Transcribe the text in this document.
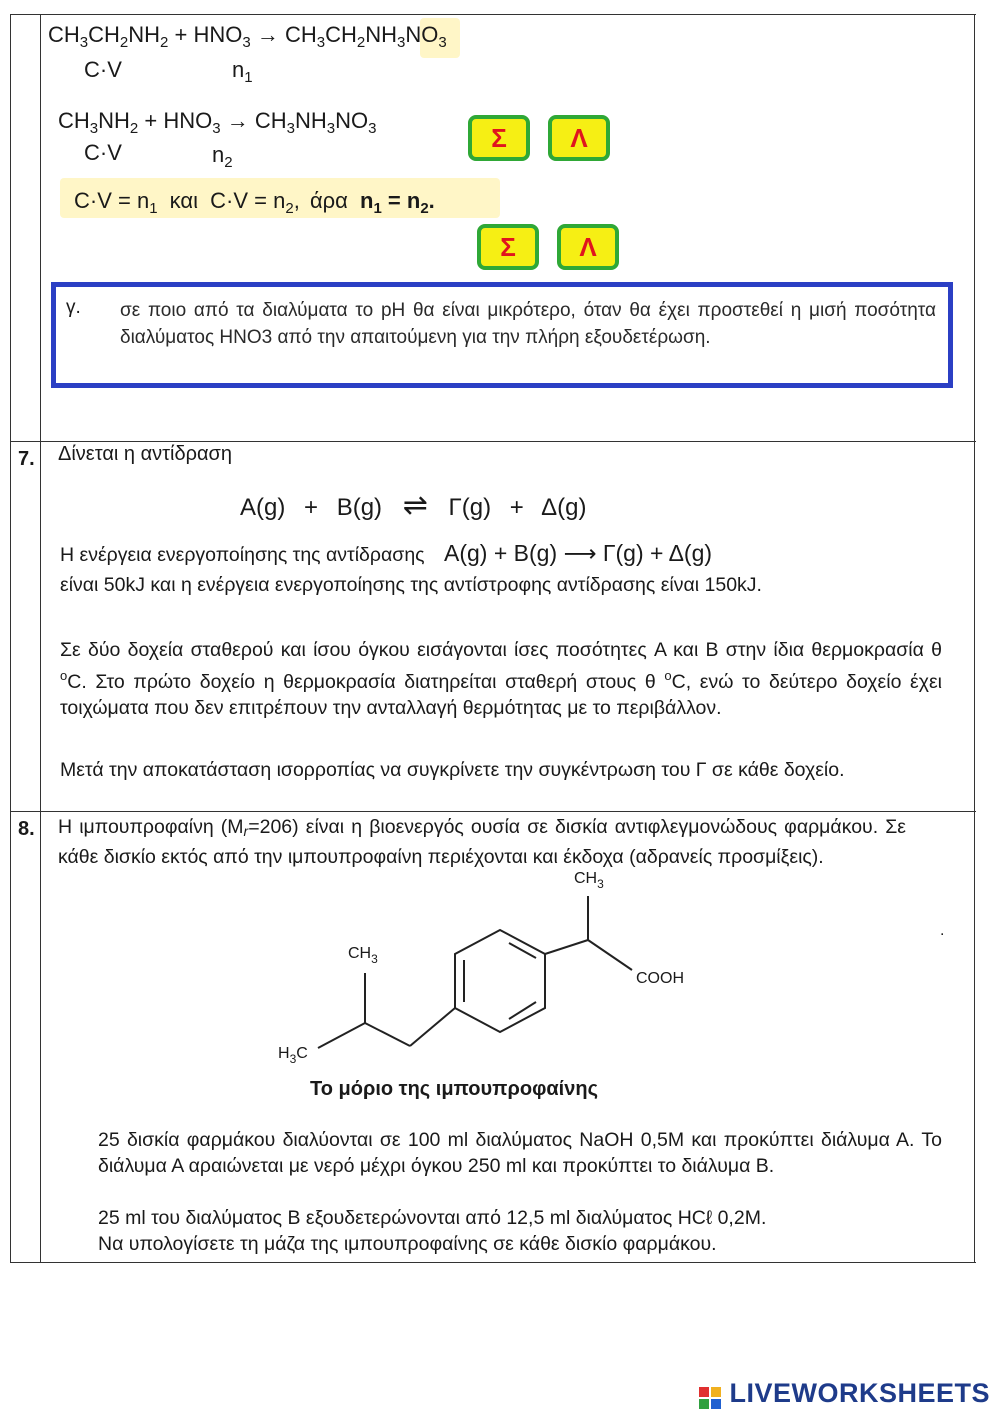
$CH_3CH_2NH_2 + HNO_3 \to CH_3CH_2NH_3NO_3$
C·V	$n_1$
$CH_3NH_2 + HNO_3 \to CH_3NH_3NO_3$
C·V	$n_2$
Σ	Λ
$C\cdot V = n_1$ και $C\cdot V = n_2$, άρα $n_1 = n_2$.
Σ	Λ
γ. σε ποιο από τα διαλύματα το pH θα είναι μικρότερο, όταν θα έχει προστεθεί η μισή ποσότητα διαλύματος HNO3 από την απαιτούμενη για την πλήρη εξουδετέρωση.
7. Δίνεται η αντίδραση
A(g) + B(g) ⇌ Γ(g) + Δ(g)
Η ενέργεια ενεργοποίησης της αντίδρασης A(g) + B(g) ⟶ Γ(g) + Δ(g)
είναι 50kJ και η ενέργεια ενεργοποίησης της αντίστροφης αντίδρασης είναι 150kJ.
Σε δύο δοχεία σταθερού και ίσου όγκου εισάγονται ίσες ποσότητες A και B στην ίδια θερμοκρασία θ $^o$C. Στο πρώτο δοχείο η θερμοκρασία διατηρείται σταθερή στους θ $^o$C, ενώ το δεύτερο δοχείο έχει τοιχώματα που δεν επιτρέπουν την ανταλλαγή θερμότητας με το περιβάλλον.
Μετά την αποκατάσταση ισορροπίας να συγκρίνετε την συγκέντρωση του Γ σε κάθε δοχείο.
8. Η ιμπουπροφαίνη (Mr=206) είναι η βιοενεργός ουσία σε δισκία αντιφλεγμονώδους φαρμάκου. Σε κάθε δισκίο εκτός από την ιμπουπροφαίνη περιέχονται και έκδοχα (αδρανείς προσμίξεις).
$CH_3$
$CH_3$
$H_3C$
COOH
.
Το μόριο της ιμπουπροφαίνης
25 δισκία φαρμάκου διαλύονται σε 100 ml διαλύματος NaOH 0,5M και προκύπτει διάλυμα Α. Το διάλυμα Α αραιώνεται με νερό μέχρι όγκου 250 ml και προκύπτει το διάλυμα Β.
25 ml του διαλύματος Β εξουδετερώνονται από 12,5 ml διαλύματος HCℓ 0,2M.
Να υπολογίσετε τη μάζα της ιμπουπροφαίνης σε κάθε δισκίο φαρμάκου.
LIVEWORKSHEETS
